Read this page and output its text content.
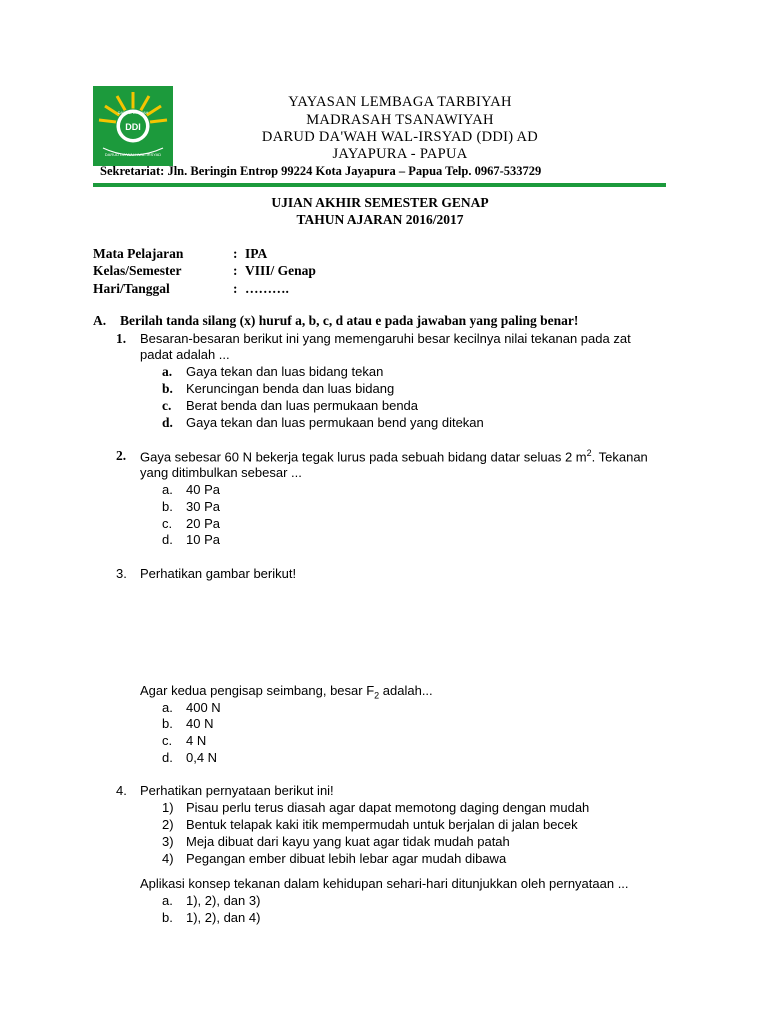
DDI
DARUD DA'WAH WAL-IRSYAD
DARUD DA'WAH
YAYASAN LEMBAGA TARBIYAH
MADRASAH TSANAWIYAH
DARUD DA'WAH WAL-IRSYAD (DDI) AD
JAYAPURA - PAPUA
Sekretariat: Jln. Beringin Entrop 99224 Kota Jayapura – Papua Telp. 0967-533729
UJIAN AKHIR SEMESTER GENAP
TAHUN AJARAN 2016/2017
Mata Pelajaran	: IPA
Kelas/Semester	: VIII/ Genap
Hari/Tanggal	: ……….
A. Berilah tanda silang (x) huruf a, b, c, d atau e pada jawaban yang paling benar!
1. Besaran-besaran berikut ini yang memengaruhi besar kecilnya nilai tekanan pada zat
padat adalah ...
a. Gaya tekan dan luas bidang tekan
b. Keruncingan benda dan luas bidang
c. Berat benda dan luas permukaan benda
d. Gaya tekan dan luas permukaan bend yang ditekan
2. Gaya sebesar 60 N bekerja tegak lurus pada sebuah bidang datar seluas 2 $m^2$. Tekanan
yang ditimbulkan sebesar ...
a. 40 Pa
b. 30 Pa
c. 20 Pa
d. 10 Pa
3. Perhatikan gambar berikut!
Agar kedua pengisap seimbang, besar $F_2$ adalah...
a. 400 N
b. 40 N
c. 4 N
d. 0,4 N
4. Perhatikan pernyataan berikut ini!
1) Pisau perlu terus diasah agar dapat memotong daging dengan mudah
2) Bentuk telapak kaki itik mempermudah untuk berjalan di jalan becek
3) Meja dibuat dari kayu yang kuat agar tidak mudah patah
4) Pegangan ember dibuat lebih lebar agar mudah dibawa
Aplikasi konsep tekanan dalam kehidupan sehari-hari ditunjukkan oleh pernyataan ...
a. 1), 2), dan 3)
b. 1), 2), dan 4)
